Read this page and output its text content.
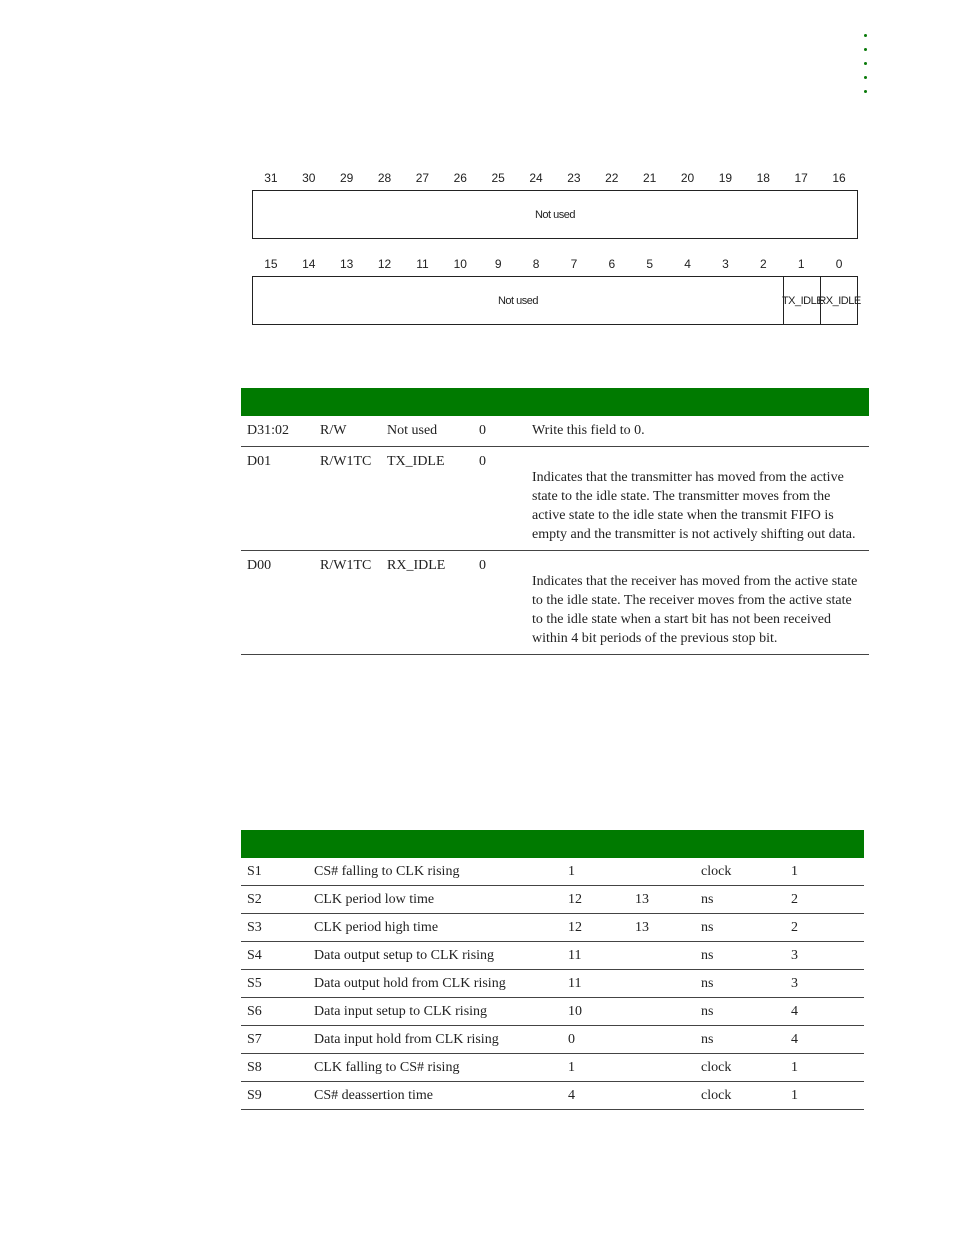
31	30	29	28	27	26	25	24	23	22	21	20	19	18	17	16
Not used
15	14	13	12	11	10	9	8	7	6	5	4	3	2	1	0
Not used	TX_IDLE
RX_IDLE
D31:02	R/W	Not used	0	Write this field to 0.
D01	R/W1TC	TX_IDLE	0	Indicates that the transmitter has moved from the active state to the idle state. The transmitter moves from the active state to the idle state when the transmit FIFO is empty and the transmitter is not actively shifting out data.
D00	R/W1TC	RX_IDLE	0	Indicates that the receiver has moved from the active state to the idle state. The receiver moves from the active state to the idle state when a start bit has not been received within 4 bit periods of the previous stop bit.
S1	CS# falling to CLK rising	1		clock	1
S2	CLK period low time	12	13	ns	2
S3	CLK period high time	12	13	ns	2
S4	Data output setup to CLK rising	11		ns	3
S5	Data output hold from CLK rising	11		ns	3
S6	Data input setup to CLK rising	10		ns	4
S7	Data input hold from CLK rising	0		ns	4
S8	CLK falling to CS# rising	1		clock	1
S9	CS# deassertion time	4		clock	1
